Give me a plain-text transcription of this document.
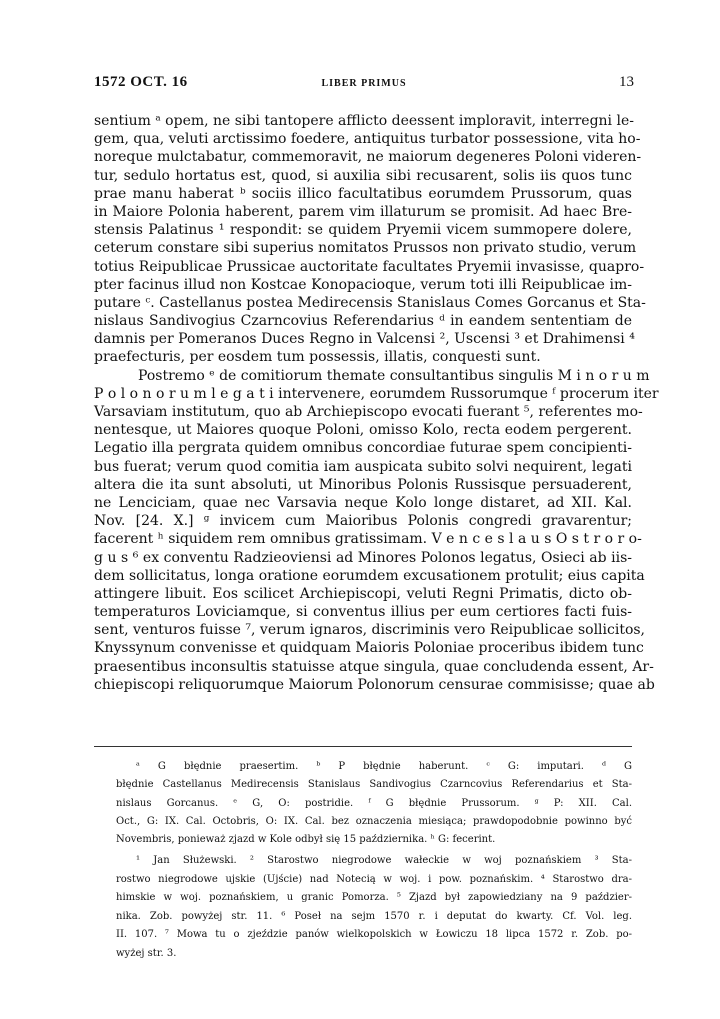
1572 OCT. 16	LIBER PRIMUS	13
sentium ᵃ opem, ne sibi tantopere afflicto deessent imploravit, interregni le-
gem, qua, veluti arctissimo foedere, antiquitus turbator possessione, vita ho-
noreque mulctabatur, commemoravit, ne maiorum degeneres Poloni videren-
tur, sedulo hortatus est, quod, si auxilia sibi recusarent, solis iis quos tunc
prae manu haberat ᵇ sociis illico facultatibus eorumdem Prussorum, quas
in Maiore Polonia haberent, parem vim illaturum se promisit. Ad haec Bre-
stensis Palatinus ¹ respondit: se quidem Pryemii vicem summopere dolere,
ceterum constare sibi superius nomitatos Prussos non privato studio, verum
totius Reipublicae Prussicae auctoritate facultates Pryemii invasisse, quapro-
pter facinus illud non Kostcae Konopacioque, verum toti illi Reipublicae im-
putare ᶜ. Castellanus postea Medirecensis Stanislaus Comes Gorcanus et Sta-
nislaus Sandivogius Czarncovius Referendarius ᵈ in eandem sententiam de
damnis per Pomeranos Duces Regno in Valcensi ², Uscensi ³ et Drahimensi ⁴
praefecturis, per eosdem tum possessis, illatis, conquesti sunt.
Postremo ᵉ de comitiorum themate consultantibus singulis M i n o r u m
P o l o n o r u m l e g a t i intervenere, eorumdem Russorumque ᶠ procerum iter
Varsaviam institutum, quo ab Archiepiscopo evocati fuerant ⁵, referentes mo-
nentesque, ut Maiores quoque Poloni, omisso Kolo, recta eodem pergerent.
Legatio illa pergrata quidem omnibus concordiae futurae spem concipienti-
bus fuerat; verum quod comitia iam auspicata subito solvi nequirent, legati
altera die ita sunt absoluti, ut Minoribus Polonis Russisque persuaderent,
ne Lenciciam, quae nec Varsavia neque Kolo longe distaret, ad XII. Kal.
Nov. [24. X.] ᵍ invicem cum Maioribus Polonis congredi gravarentur;
facerent ʰ siquidem rem omnibus gratissimam. V e n c e s l a u s O s t r o r o-
g u s ⁶ ex conventu Radzieoviensi ad Minores Polonos legatus, Osieci ab iis-
dem sollicitatus, longa oratione eorumdem excusationem protulit; eius capita
attingere libuit. Eos scilicet Archiepiscopi, veluti Regni Primatis, dicto ob-
temperaturos Loviciamque, si conventus illius per eum certiores facti fuis-
sent, venturos fuisse ⁷, verum ignaros, discriminis vero Reipublicae sollicitos,
Knyssynum convenisse et quidquam Maioris Poloniae proceribus ibidem tunc
praesentibus inconsultis statuisse atque singula, quae concludenda essent, Ar-
chiepiscopi reliquorumque Maiorum Polonorum censurae commisisse; quae ab
ᵃ G błędnie praesertim. ᵇ P błędnie haberunt. ᶜ G: imputari. ᵈ G
błędnie Castellanus Medirecensis Stanislaus Sandivogius Czarncovius Referendarius et Sta-
nislaus Gorcanus. ᵉ G, O: postridie. ᶠ G błędnie Prussorum. ᵍ P: XII. Cal.
Oct., G: IX. Cal. Octobris, O: IX. Cal. bez oznaczenia miesiąca; prawdopodobnie powinno być
Novembris, ponieważ zjazd w Kole odbył się 15 października. ʰ G: fecerint.
¹ Jan Służewski. ² Starostwo niegrodowe wałeckie w woj poznańskiem ³ Sta-
rostwo niegrodowe ujskie (Ujście) nad Notecią w woj. i pow. poznańskim. ⁴ Starostwo dra-
himskie w woj. poznańskiem, u granic Pomorza. ⁵ Zjazd był zapowiedziany na 9 paździer-
nika. Zob. powyżej str. 11. ⁶ Poseł na sejm 1570 r. i deputat do kwarty. Cf. Vol. leg.
II. 107. ⁷ Mowa tu o zjeździe panów wielkopolskich w Łowiczu 18 lipca 1572 r. Zob. po-
wyżej str. 3.
